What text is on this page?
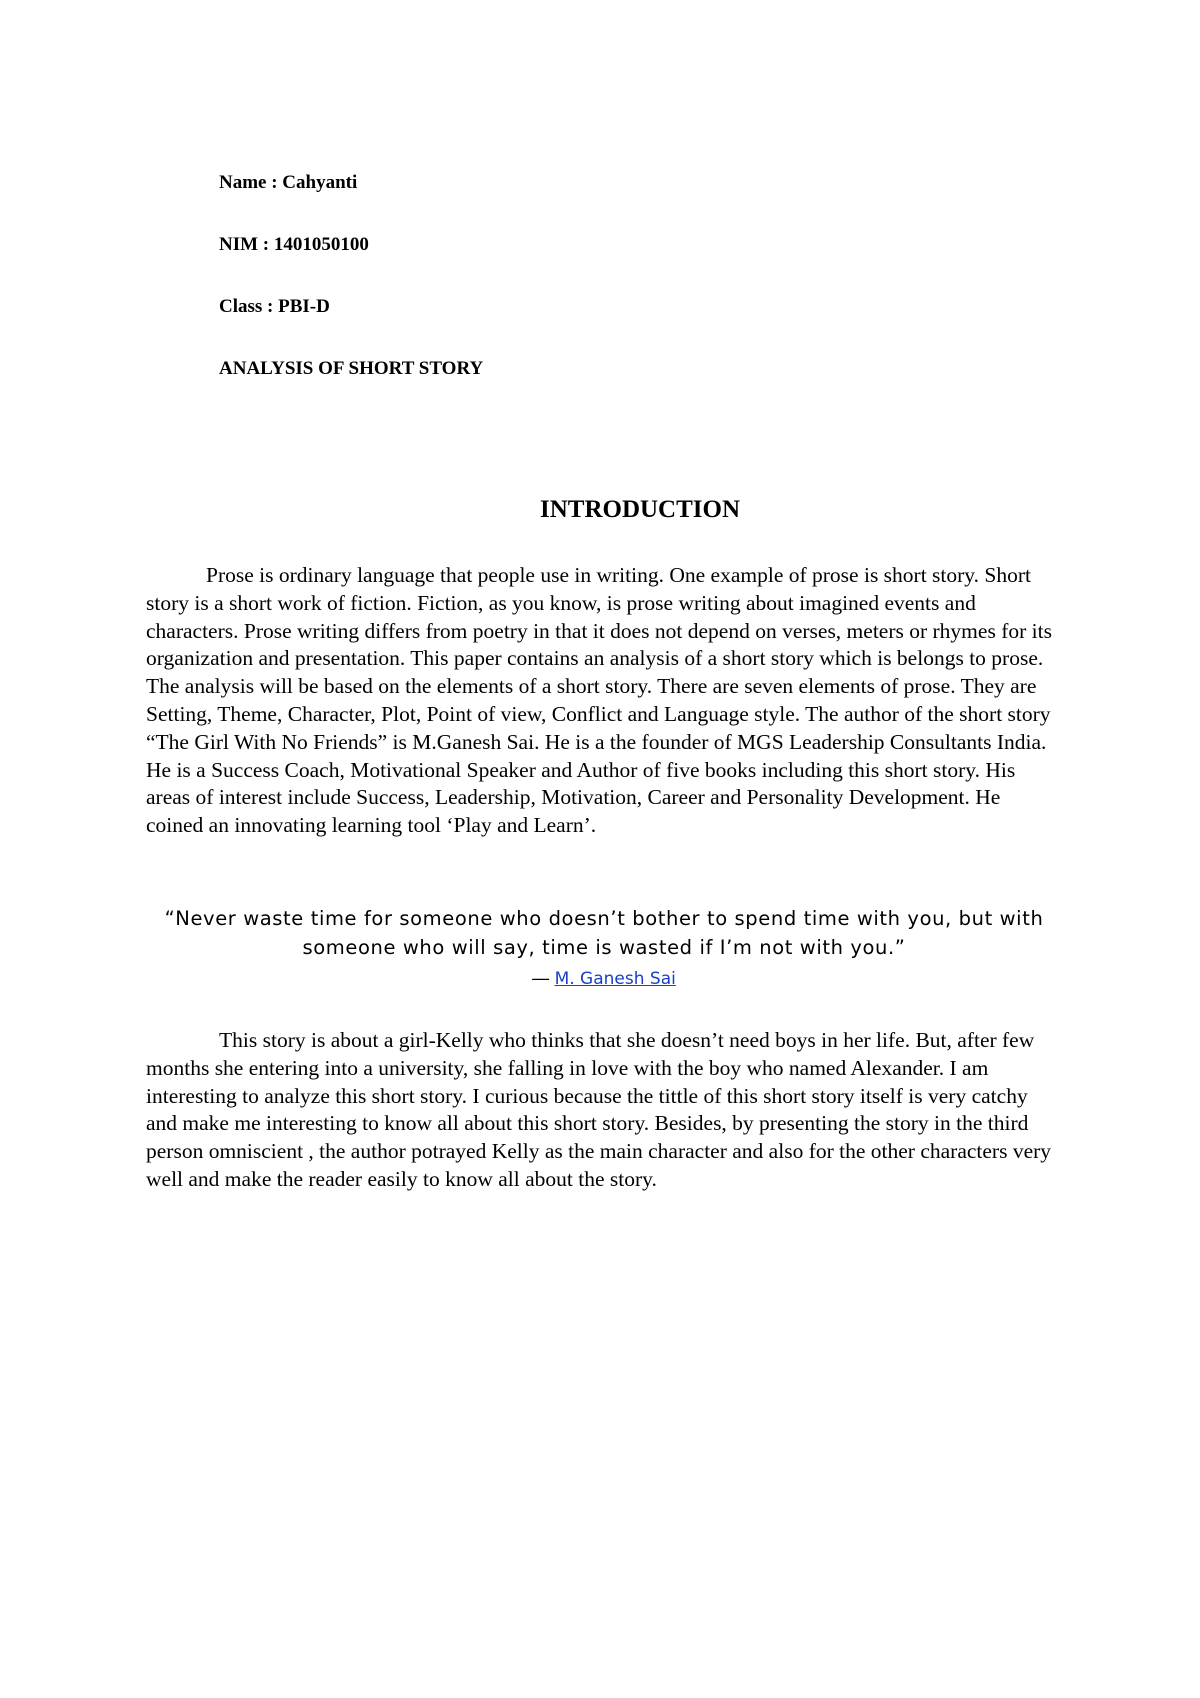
Name : Cahyanti

NIM : 1401050100

Class : PBI-D

ANALYSIS OF SHORT STORY

INTRODUCTION

Prose is ordinary language that people use in writing. One example of prose is short story. Short story is a short work of fiction. Fiction, as you know, is prose writing about imagined events and characters. Prose writing differs from poetry in that it does not depend on verses, meters or rhymes for its organization and presentation. This paper contains an analysis of a short story which is belongs to prose. The analysis will be based on the elements of a short story. There are seven elements of prose. They are Setting, Theme, Character, Plot, Point of view, Conflict and Language style. The author of the short story “The Girl With No Friends” is M.Ganesh Sai. He is a the founder of MGS Leadership Consultants India. He is a Success Coach, Motivational Speaker and Author of five books including this short story. His areas of interest include Success, Leadership, Motivation, Career and Personality Development. He coined an innovating learning tool ‘Play and Learn’.

“Never waste time for someone who doesn’t bother to spend time with you, but with someone who will say, time is wasted if I’m not with you.”

― M. Ganesh Sai

This story is about a girl-Kelly who thinks that she doesn’t need boys in her life. But, after few months she entering into a university, she falling in love with the boy who named Alexander. I am interesting to analyze this short story. I curious because the tittle of this short story itself is very catchy and make me interesting to know all about this short story. Besides, by presenting the story in the third person omniscient , the author potrayed Kelly as the main character and also for the other characters very well and make the reader easily to know all about the story.
